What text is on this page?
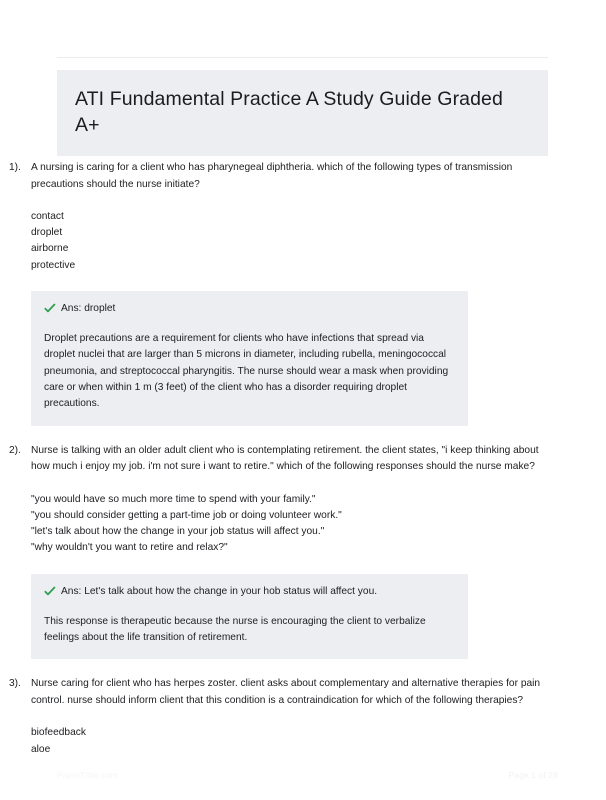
ATI Fundamental Practice A Study Guide Graded A+
1). A nursing is caring for a client who has pharynegeal diphtheria. which of the following types of transmission precautions should the nurse initiate?
contact
droplet
airborne
protective
Ans: droplet
Droplet precautions are a requirement for clients who have infections that spread via droplet nuclei that are larger than 5 microns in diameter, including rubella, meningococcal pneumonia, and streptococcal pharyngitis. The nurse should wear a mask when providing care or when within 1 m (3 feet) of the client who has a disorder requiring droplet precautions.
2). Nurse is talking with an older adult client who is contemplating retirement. the client states, "i keep thinking about how much i enjoy my job. i'm not sure i want to retire." which of the following responses should the nurse make?
"you would have so much more time to spend with your family."
"you should consider getting a part-time job or doing volunteer work."
"let's talk about how the change in your job status will affect you."
"why wouldn't you want to retire and relax?"
Ans: Let's talk about how the change in your hob status will affect you.
This response is therapeutic because the nurse is encouraging the client to verbalize feelings about the life transition of retirement.
3). Nurse caring for client who has herpes zoster. client asks about complementary and alternative therapies for pain control. nurse should inform client that this condition is a contraindication for which of the following therapies?
biofeedback
aloe
PaperTittle.com	Page 1 of 28
